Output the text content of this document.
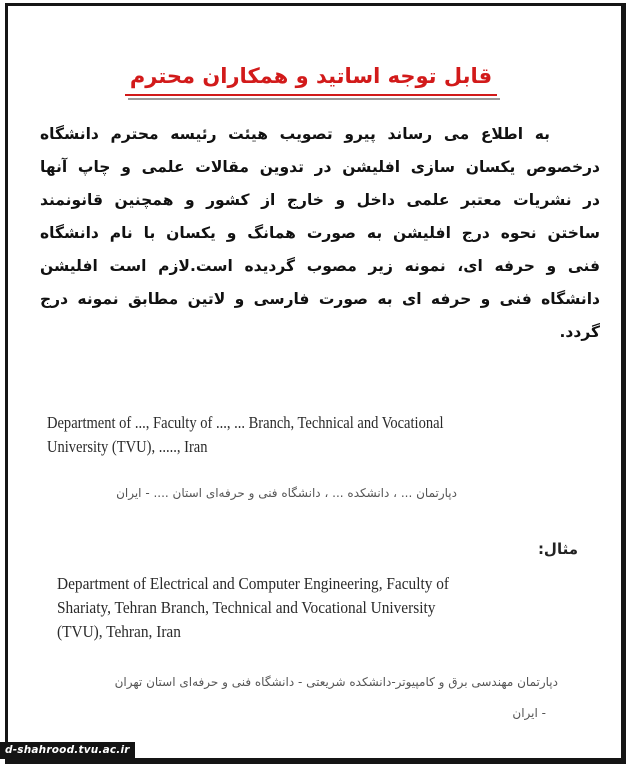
قابل توجه اساتید و همکاران محترم
به اطلاع می رساند پیرو تصویب هیئت رئیسه محترم دانشگاه
درخصوص یکسان سازی افلیشن در تدوین مقالات علمی و چاپ آنها
در نشریات معتبر علمی داخل و خارج از کشور و همچنین قانونمند
ساختن نحوه درج افلیشن به صورت همانگ و یکسان با نام دانشگاه
فنی و حرفه ای، نمونه زیر مصوب گردیده است.لازم است افلیشن
دانشگاه فنی و حرفه ای به صورت فارسی و لاتین مطابق نمونه درج
گردد.
Department of ..., Faculty of ..., ... Branch, Technical and Vocational
University (TVU), ....., Iran
دپارتمان ... ، دانشکده ... ، دانشگاه فنی و حرفه‌ای استان .... - ایران
مثال:
Department of Electrical and Computer Engineering, Faculty of
Shariaty, Tehran Branch, Technical and Vocational University
(TVU), Tehran, Iran
دپارتمان مهندسی برق و کامپیوتر-دانشکده شریعتی - دانشگاه فنی و حرفه‌ای استان تهران
- ایران
d-shahrood.tvu.ac.ir
